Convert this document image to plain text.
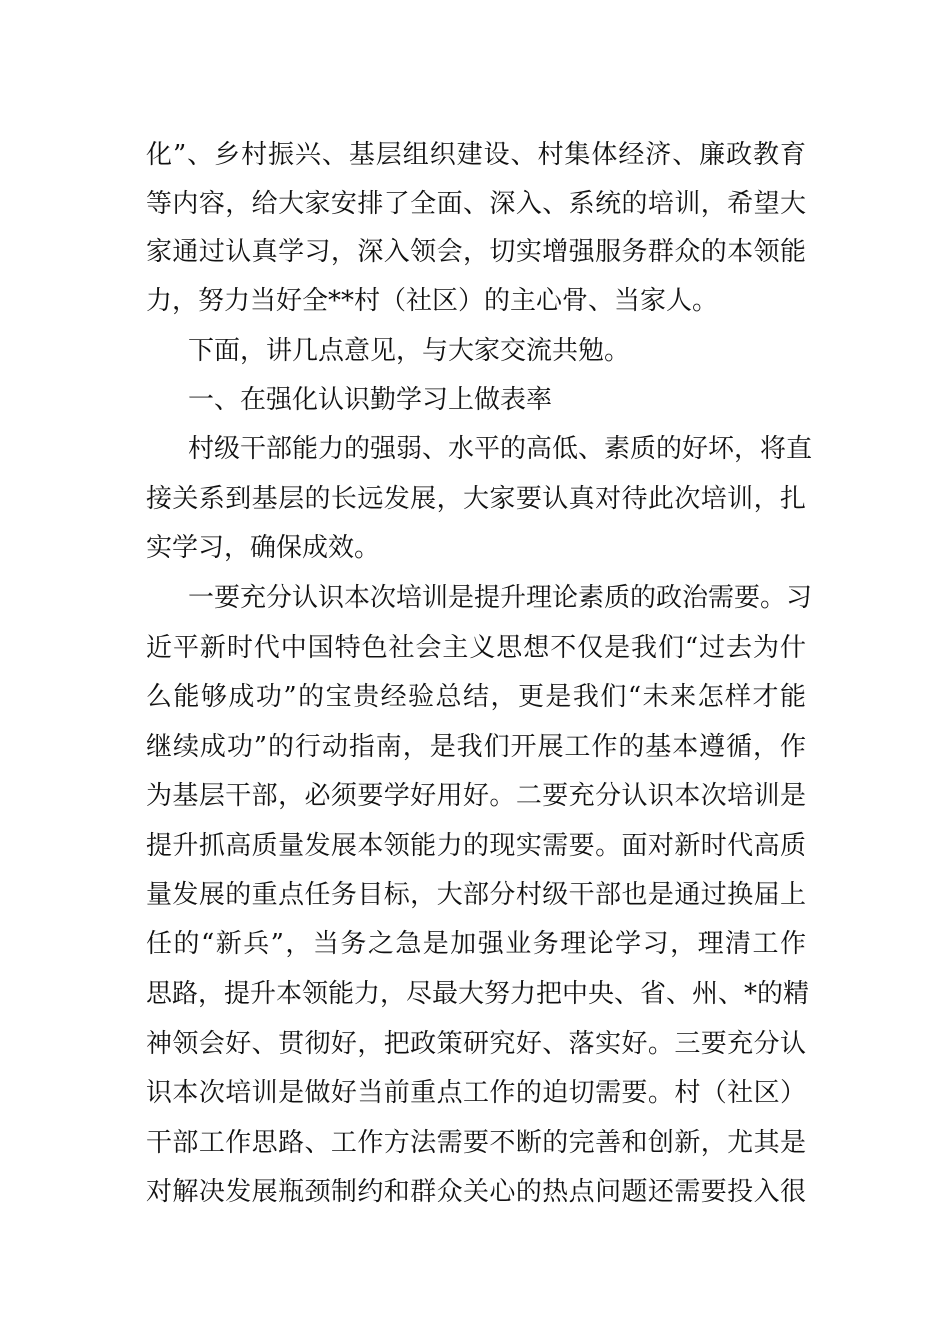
化”、乡村振兴、基层组织建设、村集体经济、廉政教育
等内容，给大家安排了全面、深入、系统的培训，希望大
家通过认真学习，深入领会，切实增强服务群众的本领能
力，努力当好全**村（社区）的主心骨、当家人。
下面，讲几点意见，与大家交流共勉。
一、在强化认识勤学习上做表率
村级干部能力的强弱、水平的高低、素质的好坏，将直
接关系到基层的长远发展，大家要认真对待此次培训，扎
实学习，确保成效。
一要充分认识本次培训是提升理论素质的政治需要。习
近平新时代中国特色社会主义思想不仅是我们“过去为什
么能够成功”的宝贵经验总结，更是我们“未来怎样才能
继续成功”的行动指南，是我们开展工作的基本遵循，作
为基层干部，必须要学好用好。二要充分认识本次培训是
提升抓高质量发展本领能力的现实需要。面对新时代高质
量发展的重点任务目标，大部分村级干部也是通过换届上
任的“新兵”，当务之急是加强业务理论学习，理清工作
思路，提升本领能力，尽最大努力把中央、省、州、*的精
神领会好、贯彻好，把政策研究好、落实好。三要充分认
识本次培训是做好当前重点工作的迫切需要。村（社区）
干部工作思路、工作方法需要不断的完善和创新，尤其是
对解决发展瓶颈制约和群众关心的热点问题还需要投入很
